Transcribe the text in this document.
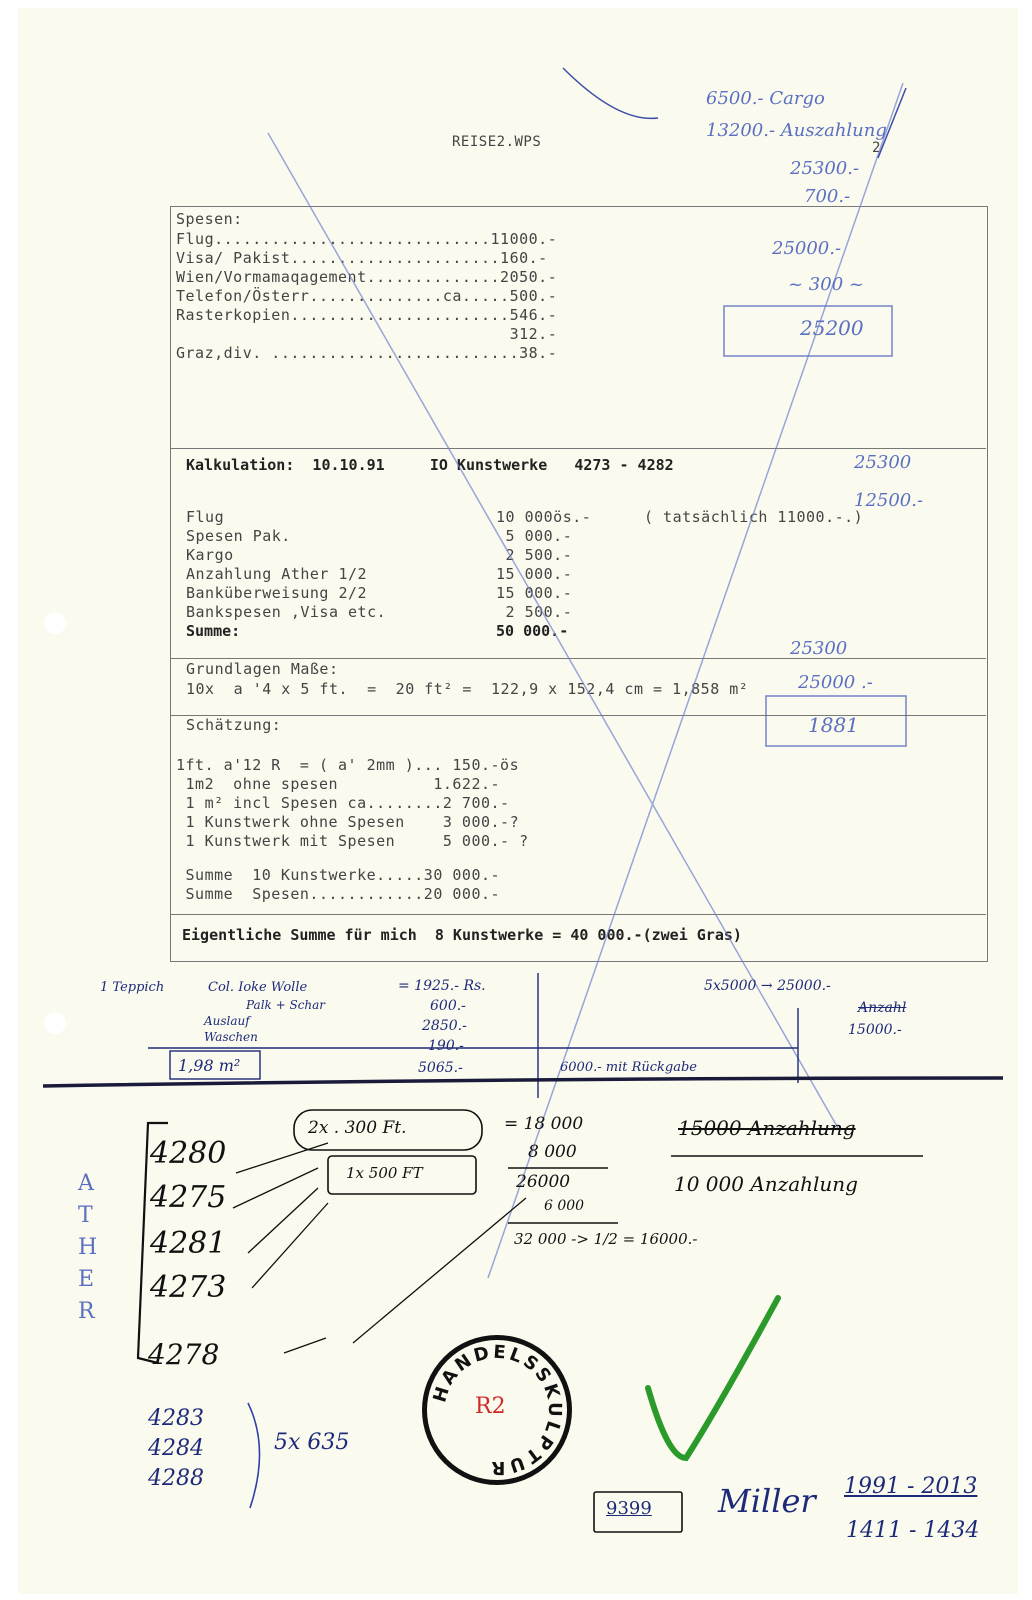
REISE2.WPS	2
Spesen:
Flug.............................11000.-
Visa/ Pakist......................160.-
Wien/Vormamaqagement..............2050.-
Telefon/Österr..............ca.....500.-
Rasterkopien.......................546.-
312.-
Graz,div. ..........................38.-
Kalkulation:  10.10.91     IO Kunstwerke   4273 - 4282
Flug	10 000ös.-	( tatsächlich 11000.-.)
Spesen Pak.	5 000.-
Kargo	2 500.-
Anzahlung Ather 1/2	15 000.-
Banküberweisung 2/2	15 000.-
Bankspesen ,Visa etc.	2 500.-
Summe:	50 000.-
Grundlagen Maße:
10x  a '4 x 5 ft.  =  20 ft² =  122,9 x 152,4 cm = 1,858 m²
Schätzung:
1ft. a'12 R  = ( a' 2mm )... 150.-ös
1m2  ohne spesen          1.622.-
1 m² incl Spesen ca........2 700.-
1 Kunstwerk ohne Spesen    3 000.-?
1 Kunstwerk mit Spesen     5 000.- ?
Summe  10 Kunstwerke.....30 000.-
Summe  Spesen............20 000.-
Eigentliche Summe für mich  8 Kunstwerke = 40 000.-(zwei Gras)
6500.- Cargo
13200.- Auszahlung
25300.-
700.-
25000.-
~ 300 ~
25200
25300
12500.-
25300
25000 .-
1881
1 Teppich	Col. Ioke Wolle
Palk + Schar
Auslauf
Waschen
1,98 m²
= 1925.- Rs.
600.-
2850.-
190.-
5065.-	6000.- mit Rückgabe
5x5000 → 25000.-
Anzahl
15000.-
2x . 300 Ft.
1x 500 FT
= 18 000
8 000
26000
6 000
32 000 -> 1/2 = 16000.-
15000 Anzahlung
10 000 Anzahlung
A
T
H
E
R
4280
4275
4281
4273
4278
4283
4284
4288
5x 635
HANDELSSKULPTUR
R2
9399 Miller 1991 - 2013
1411 - 1434
